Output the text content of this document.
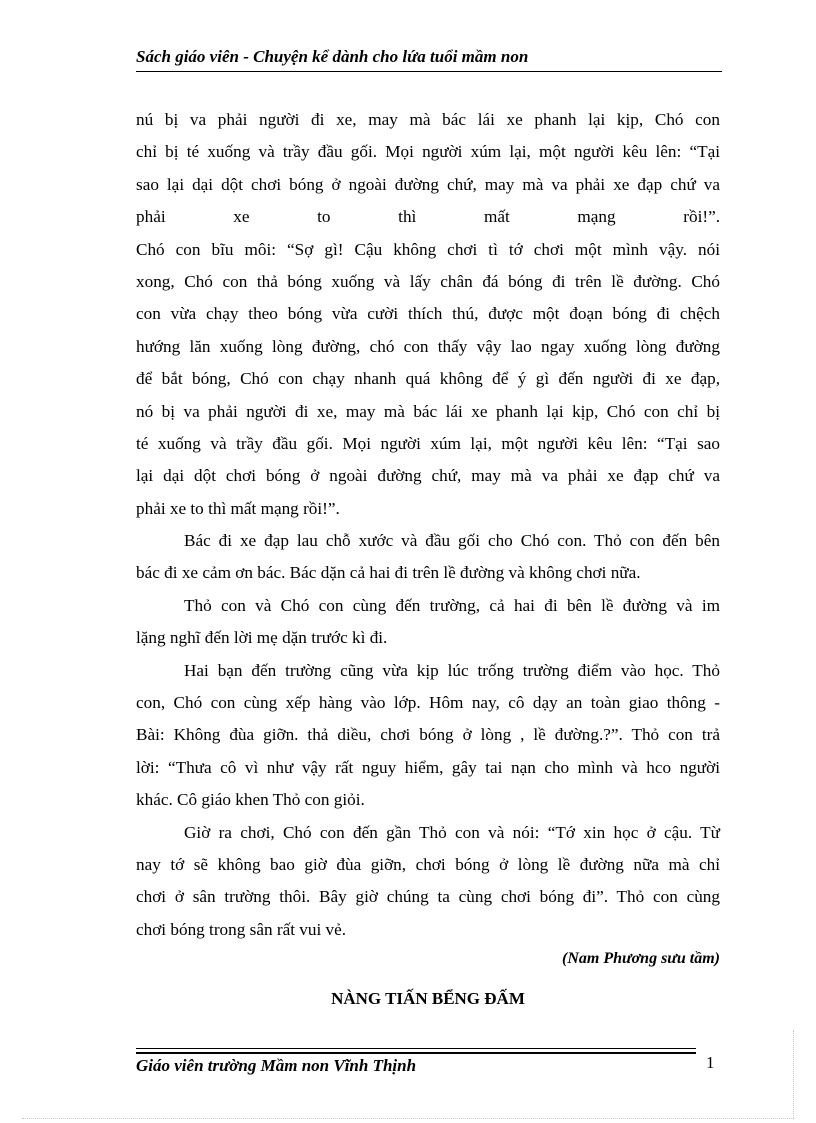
Sách giáo viên - Chuyện kể dành cho lứa tuổi mầm non
nú bị va phải người đi xe, may mà bác lái xe phanh lại kịp, Chó con
chỉ bị té xuống và trầy đầu gối. Mọi người xúm lại, một người kêu lên: “Tại
sao lại dại dột chơi bóng ở ngoài đường chứ, may mà va phải xe đạp chứ va
phải xe to thì mất mạng rồi!”.
Chó con bĩu môi: “Sợ gì! Cậu không chơi tì tớ chơi một mình vậy. nói
xong, Chó con thả bóng xuống và lấy chân đá bóng đi trên lề đường. Chó
con vừa chạy theo bóng vừa cười thích thú, được một đoạn bóng đi chệch
hướng lăn xuống lòng đường, chó con thấy vậy lao ngay xuống lòng đường
để bắt bóng, Chó con chạy nhanh quá không để ý gì đến người đi xe đạp,
nó bị va phải người đi xe, may mà bác lái xe phanh lại kịp, Chó con chỉ bị
té xuống và trầy đầu gối. Mọi người xúm lại, một người kêu lên: “Tại sao
lại dại dột chơi bóng ở ngoài đường chứ, may mà va phải xe đạp chứ va
phải xe to thì mất mạng rồi!”.
Bác đi xe đạp lau chỗ xước và đầu gối cho Chó con. Thỏ con đến bên
bác đi xe cảm ơn bác. Bác dặn cả hai đi trên lề đường và không chơi nữa.
Thỏ con và Chó con cùng đến trường, cả hai đi bên lề đường và im
lặng nghĩ đến lời mẹ dặn trước kì đi.
Hai bạn đến trường cũng vừa kịp lúc trống trường điểm vào học. Thỏ
con, Chó con cùng xếp hàng vào lớp. Hôm nay, cô dạy an toàn giao thông -
Bài: Không đùa giỡn. thả diều, chơi bóng ở lòng , lề đường.?”. Thỏ con trả
lời: “Thưa cô vì như vậy rất nguy hiểm, gây tai nạn cho mình và hco người
khác. Cô giáo khen Thỏ con giỏi.
Giờ ra chơi, Chó con đến gần Thỏ con và nói: “Tớ xin học ở cậu. Từ
nay tớ sẽ không bao giờ đùa giỡn, chơi bóng ở lòng lề đường nữa mà chỉ
chơi ở sân trường thôi. Bây giờ chúng ta cùng chơi bóng đi”. Thỏ con cùng
chơi bóng trong sân rất vui vẻ.
(Nam Phương sưu tầm)
NÀNG TIẤN BỂNG ĐẤM
Giáo viên trường Mầm non Vĩnh Thịnh	1
